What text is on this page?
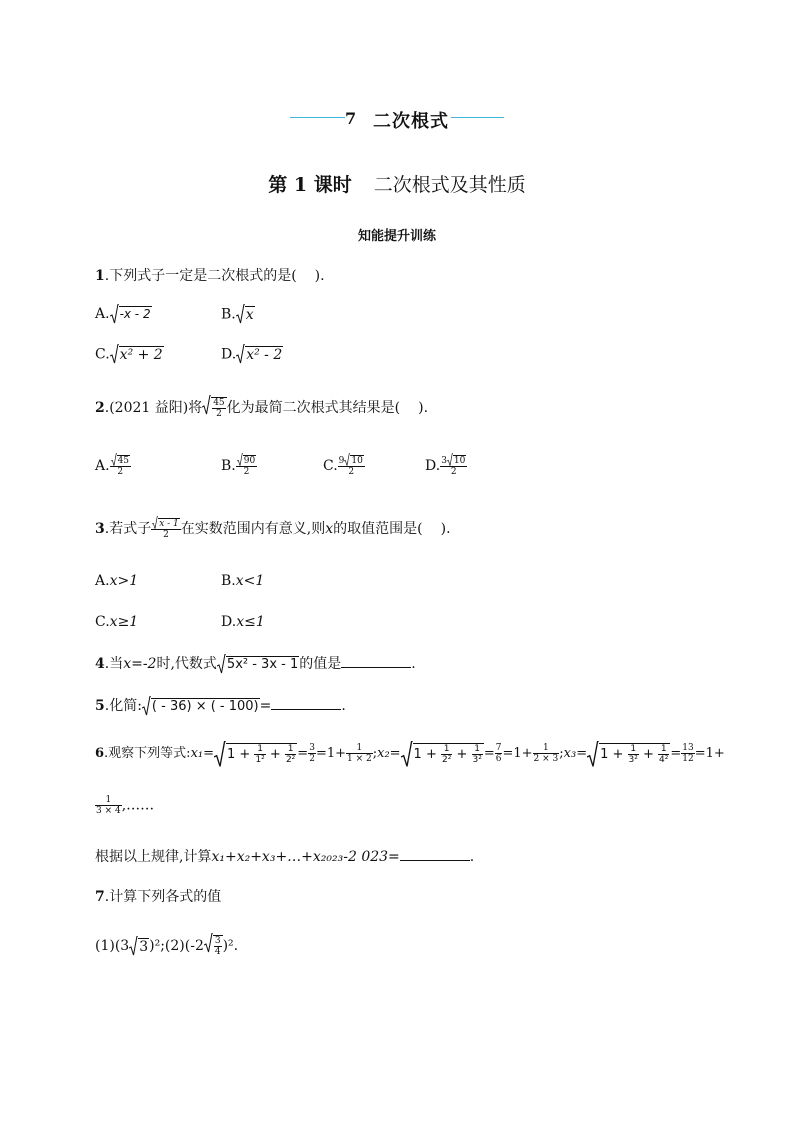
7 二次根式
第 1 课时 二次根式及其性质
知能提升训练
1.下列式子一定是二次根式的是( ).
A. -x - 2	B. x
C. x² + 2	D. x² - 2
2.(2021 益阳)将 $\frac{45}{2}$ 化为最简二次根式其结果是( ).
A. $\frac{45}{2}$	B. $\frac{90}{2}$	C. $\frac{9 10}{2}$	D. $\frac{3 10}{2}$
3.若式子 $\frac{x - 1}{2}$ 在实数范围内有意义,则x的取值范围是( ).
A.x>1	B.x<1
C.x≥1	D.x≤1
4.当x=-2时,代数式 5x² - 3x - 1的值是	.
5.化简: ( - 36) × ( - 100)=	.
6.观察下列等式:x₁= $1 + \frac{1}{\text{1²}} + \frac{1}{\text{2²}} = \frac{3}{2} =1+ \frac{1}{1 \times 2}$ ;x₂= $1 + \frac{1}{\text{2²}} + \frac{1}{\text{3²}} = \frac{7}{6} =1+ \frac{1}{2 \times 3}$ ;x₃= $1 + \frac{1}{\text{3²}} + \frac{1}{\text{4²}} = \frac{13}{12} =1+$
$\frac{1}{3 \times 4}$ ,……
根据以上规律,计算x₁+x₂+x₃+…+x₂₀₂₃-2 023=	.
7.计算下列各式的值
(1)(3 3)²;(2)(-2 $\frac{3}{4} )^2$.
